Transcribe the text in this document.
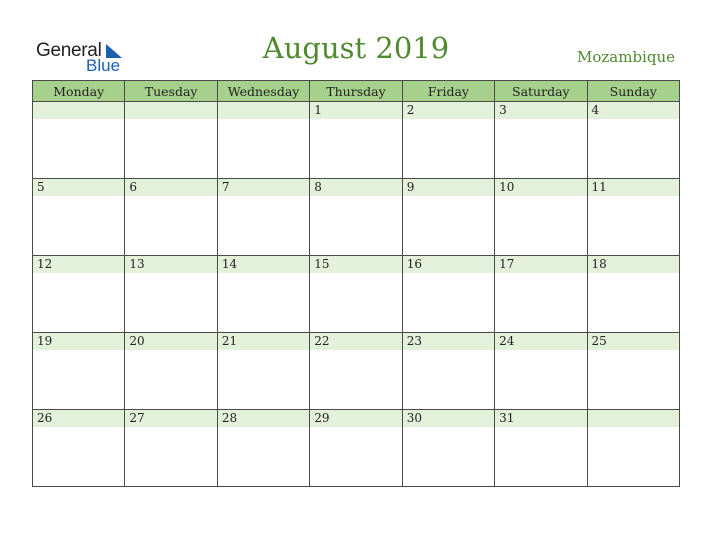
General
Blue
August 2019	Mozambique
Monday	Tuesday	Wednesday	Thursday	Friday	Saturday	Sunday

			1	2	3	4

5	6	7	8	9	10	11

12	13	14	15	16	17	18

19	20	21	22	23	24	25

26	27	28	29	30	31	
